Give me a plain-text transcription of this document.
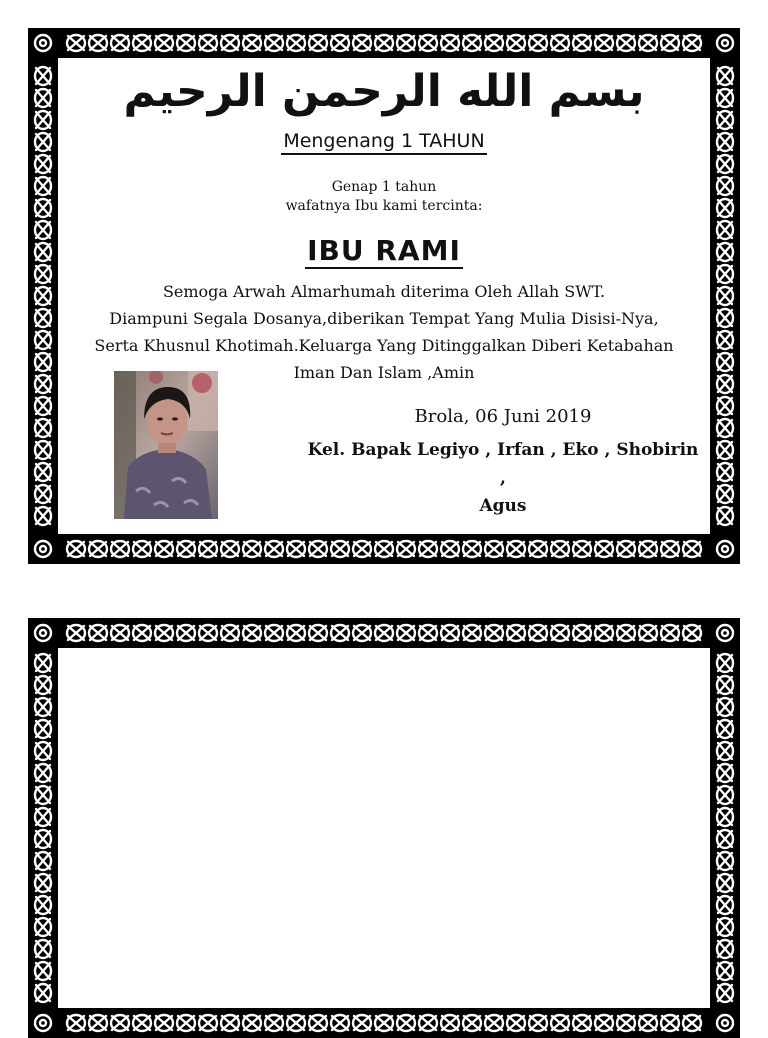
بسم الله الرحمن الرحيم
Mengenang 1 TAHUN
Genap 1 tahun
wafatnya Ibu kami tercinta:
IBU RAMI
Semoga Arwah Almarhumah diterima Oleh Allah SWT.
Diampuni Segala Dosanya,diberikan Tempat Yang Mulia Disisi-Nya,
Serta Khusnul Khotimah.Keluarga Yang Ditinggalkan Diberi Ketabahan
Iman Dan Islam ,Amin
Brola, 06 Juni 2019
Kel. Bapak Legiyo , Irfan , Eko , Shobirin
,
Agus
